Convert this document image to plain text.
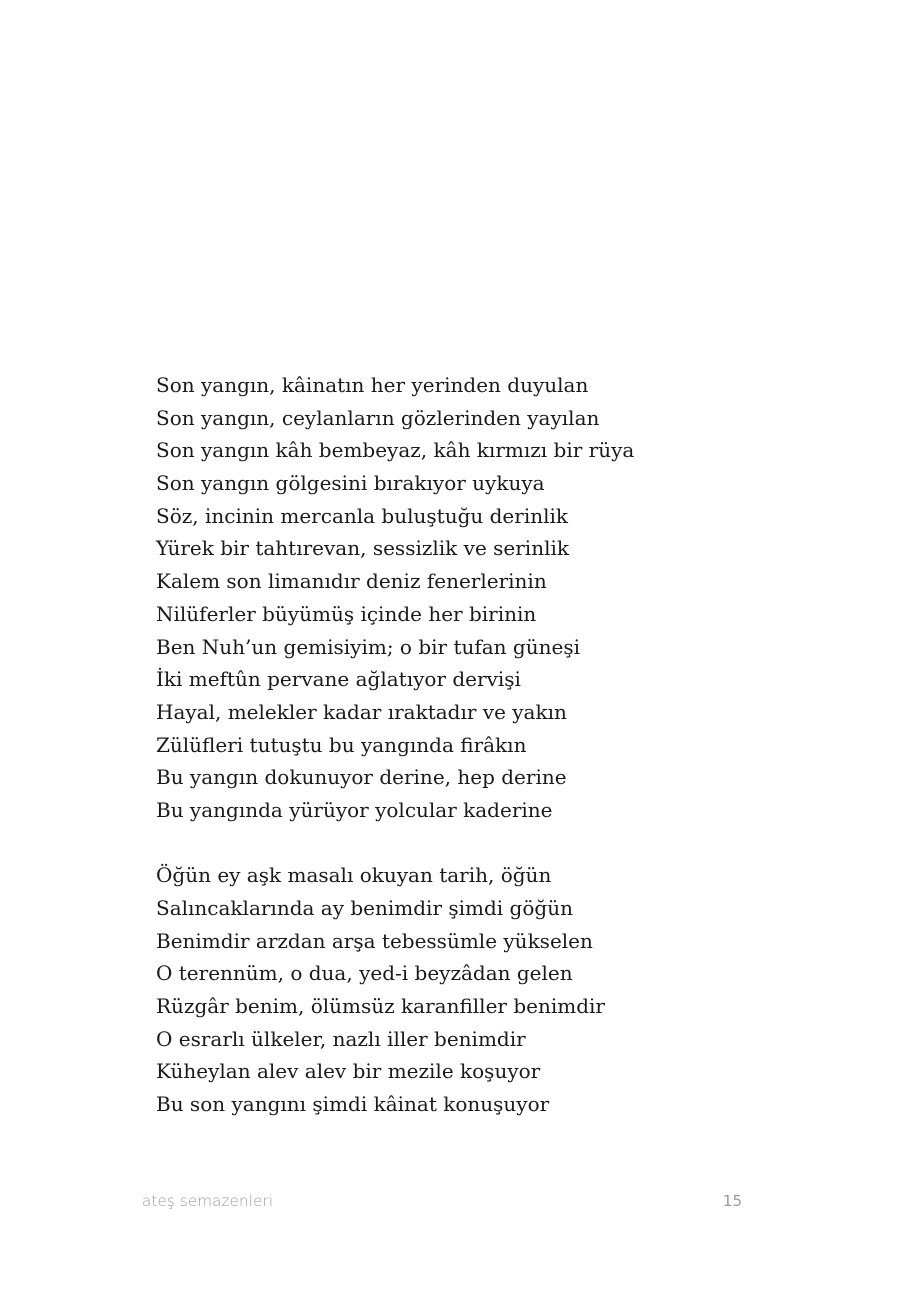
Son yangın, kâinatın her yerinden duyulan
Son yangın, ceylanların gözlerinden yayılan
Son yangın kâh bembeyaz, kâh kırmızı bir rüya
Son yangın gölgesini bırakıyor uykuya
Söz, incinin mercanla buluştuğu derinlik
Yürek bir tahtırevan, sessizlik ve serinlik
Kalem son limanıdır deniz fenerlerinin
Nilüferler büyümüş içinde her birinin
Ben Nuh’un gemisiyim; o bir tufan güneşi
İki meftûn pervane ağlatıyor dervişi
Hayal, melekler kadar ıraktadır ve yakın
Zülüfleri tutuştu bu yangında firâkın
Bu yangın dokunuyor derine, hep derine
Bu yangında yürüyor yolcular kaderine
Öğün ey aşk masalı okuyan tarih, öğün
Salıncaklarında ay benimdir şimdi göğün
Benimdir arzdan arşa tebessümle yükselen
O terennüm, o dua, yed-i beyzâdan gelen
Rüzgâr benim, ölümsüz karanfiller benimdir
O esrarlı ülkeler, nazlı iller benimdir
Küheylan alev alev bir mezile koşuyor
Bu son yangını şimdi kâinat konuşuyor
ateş semazenleri	15
